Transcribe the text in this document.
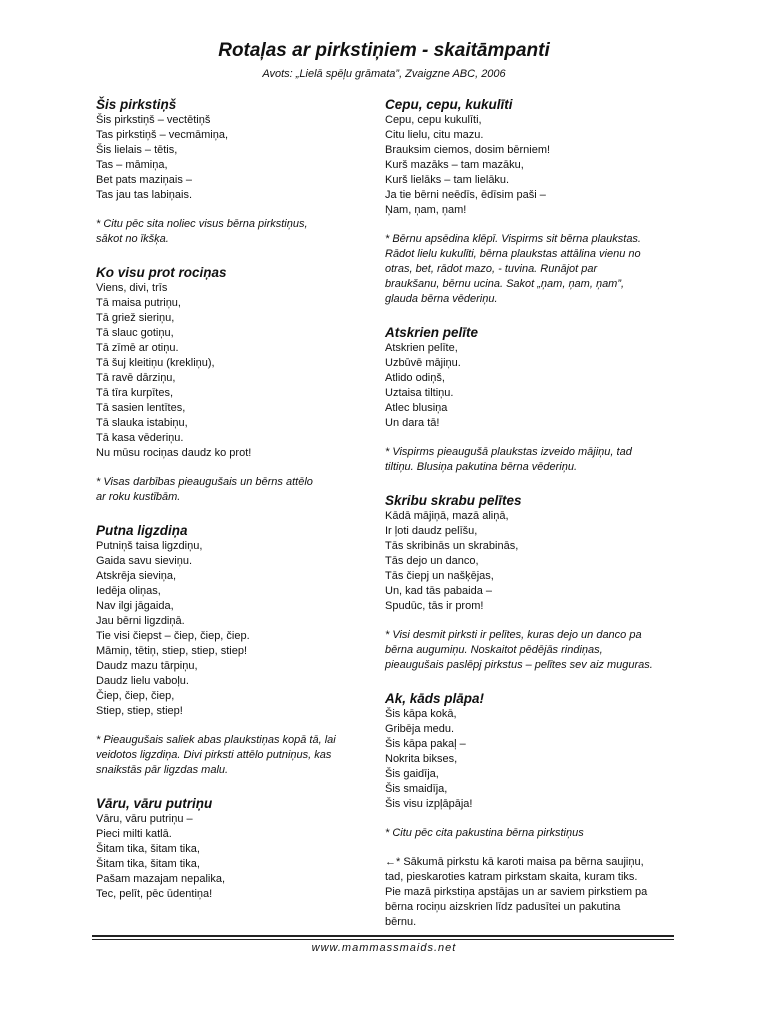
Rotaļas ar pirkstiņiem - skaitāmpanti
Avots: „Lielā spēļu grāmata”, Zvaigzne ABC, 2006
Šis pirkstiņš
Šis pirkstiņš – vectētiņš
Tas pirkstiņš – vecmāmiņa,
Šis lielais – tētis,
Tas – māmiņa,
Bet pats maziņais –
Tas jau tas labiņais.
* Citu pēc sita noliec visus bērna pirkstiņus,
sākot no īkšķa.
Ko visu prot rociņas
Viens, divi, trīs
Tā maisa putriņu,
Tā griež sieriņu,
Tā slauc gotiņu,
Tā zīmē ar otiņu.
Tā šuj kleitiņu (krekliņu),
Tā ravē dārziņu,
Tā tīra kurpītes,
Tā sasien lentītes,
Tā slauka istabiņu,
Tā kasa vēderiņu.
Nu mūsu rociņas daudz ko prot!
* Visas darbības pieaugušais un bērns attēlo
ar roku kustībām.
Putna ligzdiņa
Putniņš taisa ligzdiņu,
Gaida savu sieviņu.
Atskrēja sieviņa,
Iedēja oliņas,
Nav ilgi jāgaida,
Jau bērni ligzdiņā.
Tie visi čiepst – čiep, čiep, čiep.
Māmiņ, tētiņ, stiep, stiep, stiep!
Daudz mazu tārpiņu,
Daudz lielu vaboļu.
Čiep, čiep, čiep,
Stiep, stiep, stiep!
* Pieaugušais saliek abas plaukstiņas kopā tā, lai
veidotos ligzdiņa. Divi pirksti attēlo putniņus, kas
snaikstās pār ligzdas malu.
Vāru, vāru putriņu
Vāru, vāru putriņu –
Pieci milti katlā.
Šitam tika, šitam tika,
Šitam tika, šitam tika,
Pašam mazajam nepalika,
Tec, pelīt, pēc ūdentiņa!
Cepu, cepu, kukulīti
Cepu, cepu kukulīti,
Citu lielu, citu mazu.
Brauksim ciemos, dosim bērniem!
Kurš mazāks – tam mazāku,
Kurš lielāks – tam lielāku.
Ja tie bērni neēdīs, ēdīsim paši –
Ņam, ņam, ņam!
* Bērnu apsēdina klēpī. Vispirms sit bērna plaukstas.
Rādot lielu kukulīti, bērna plaukstas attālina vienu no
otras, bet, rādot mazo, - tuvina. Runājot par
braukšanu, bērnu ucina. Sakot „ņam, ņam, ņam”,
glauda bērna vēderiņu.
Atskrien pelīte
Atskrien pelīte,
Uzbūvē mājiņu.
Atlido odiņš,
Uztaisa tiltiņu.
Atlec blusiņa
Un dara tā!
* Vispirms pieaugušā plaukstas izveido mājiņu, tad
tiltiņu. Blusiņa pakutina bērna vēderiņu.
Skribu skrabu pelītes
Kādā mājiņā, mazā aliņā,
Ir ļoti daudz pelīšu,
Tās skribinās un skrabinās,
Tās dejo un danco,
Tās čiepj un našķējas,
Un, kad tās pabaida –
Spudūc, tās ir prom!
* Visi desmit pirksti ir pelītes, kuras dejo un danco pa
bērna augumiņu. Noskaitot pēdējās rindiņas,
pieaugušais paslēpj pirkstus – pelītes sev aiz muguras.
Ak, kāds plāpa!
Šis kāpa kokā,
Gribēja medu.
Šis kāpa pakaļ –
Nokrita bikses,
Šis gaidīja,
Šis smaidīja,
Šis visu izpļāpāja!
* Citu pēc cita pakustina bērna pirkstiņus
←* Sākumā pirkstu kā karoti maisa pa bērna saujiņu,
tad, pieskaroties katram pirkstam skaita, kuram tiks.
Pie mazā pirkstiņa apstājas un ar saviem pirkstiem pa
bērna rociņu aizskrien līdz padusītei un pakutina
bērnu.
www.mammassmaids.net
